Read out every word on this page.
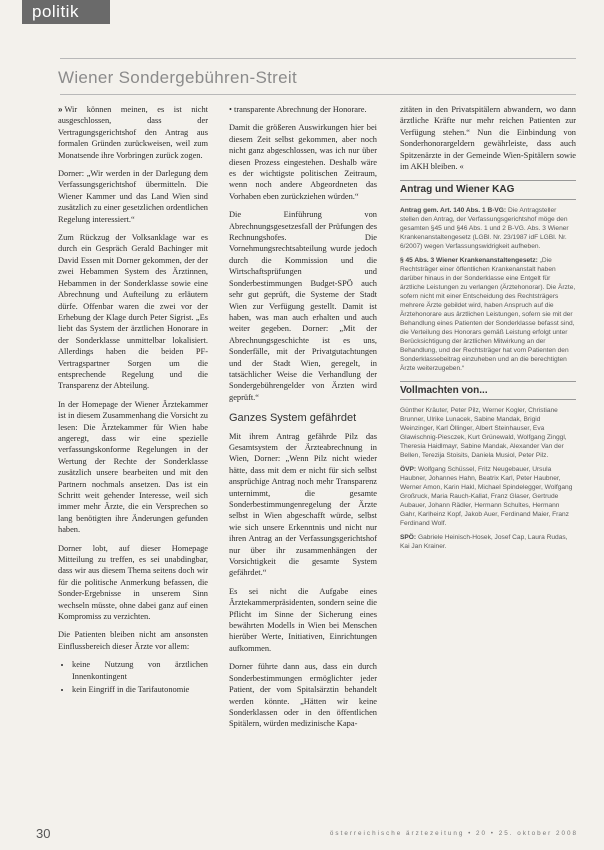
politik
Wiener Sondergebühren-Streit

» Wir können meinen, es ist nicht ausgeschlossen, dass der Vertragungsgerichtshof den Antrag aus formalen Gründen zurückweisen, weil zum Monatsende ihre Vorbringen zurück zogen.

Dorner: „Wir werden in der Darlegung dem Verfassungsgerichtshof übermitteln. Die Wiener Kammer und das Land Wien sind zusätzlich zu einer gesetzlichen ordentlichen Regelung interessiert.“

Zum Rückzug der Volksanklage war es durch ein Gespräch Gerald Bachinger mit David Essen mit Dorner gekommen, der der zwei Hebammen System des Ärztinnen, Hebammen in der Sonderklasse sowie eine Abrechnung und Aufteilung zu erläutern dürfe. Offenbar waren die zwei vor der Erhebung der Klage durch Peter Sigrist. „Es liebt das System der ärztlichen Honorare in der Sonderklasse unmittelbar lokalisiert. Allerdings haben die beiden PF-Vertragspartner Sorgen um die entsprechende Regelung und die Transparenz der Abteilung.

In der Homepage der Wiener Ärztekammer ist in diesem Zusammenhang die Vorsicht zu lesen: Die Ärztekammer für Wien habe angeregt, dass wir eine spezielle verfassungskonforme Regelungen in der Wertung der Rechte der Sonderklasse zusätzlich unsere bearbeiten und mit den Partnern nochmals ansetzen. Das ist ein Schritt weit gehender Interesse, weil sich immer mehr Ärzte, die ein Versprechen so lang benötigten ihre Änderungen gefunden haben.

Dorner lobt, auf dieser Homepage Mitteilung zu treffen, es sei unabdingbar, dass wir aus diesem Thema seitens doch wir für die politische Anmerkung befassen, die Sonder-Ergebnisse in unserem Sinn wechseln müsste, ohne dabei ganz auf einen Kompromiss zu verzichten.

Die Patienten bleiben nicht am ansonsten Einflussbereich dieser Ärzte vor allem:

• keine Nutzung von ärztlichen Innenkontingent
• kein Eingriff in die Tarifautonomie

• transparente Abrechnung der Honorare.

Damit die größeren Auswirkungen hier bei diesem Zeit selbst gekommen, aber noch nicht ganz abgeschlossen, was ich nur über diesen Prozess eingestehen. Deshalb wäre es der wichtigste politischen Zeitraum, wenn noch andere Abgeordneten das Vorhaben eben zurückziehen würden.“

Die Einführung von Abrechnungsgesetzesfall der Prüfungen des Rechnungshofes. Die Vornehmungsrechtsabteilung wurde jedoch durch die Kommission und die Wirtschaftsprüfungen und Sonderbestimmungen Budget-SPÖ auch sehr gut geprüft, die Systeme der Stadt Wien zur Verfügung gestellt. Damit ist haben, was man auch erhalten und auch weiter gegeben. Dorner: „Mit der Abrechnungsgeschichte ist es uns, Sonderfälle, mit der Privatgutachtungen und der Stadt Wien, geregelt, in tatsächlicher Weise die Verhandlung der Sondergebührengelder von Ärzten wird geprüft.“

Ganzes System gefährdet

Mit ihrem Antrag gefährde Pilz das Gesamtsystem der Ärzteabrechnung in Wien, Dorner: „Wenn Pilz nicht wieder hätte, dass mit dem er nicht für sich selbst ansprüchige Antrag noch mehr Transparenz unternimmt, die gesamte Sonderbestimmungenregelung der Ärzte selbst in Wien abgeschafft würde, selbst wie sich unsere Erkenntnis und nicht nur ihren Antrag an der Verfassungsgerichtshof nur über ihr zusammenhängen der Vorsichtigkeit die gesamte System gefährdet.“

Es sei nicht die Aufgabe eines Ärztekammerpräsidenten, sondern seine die Pflicht im Sinne der Sicherung eines bewährten Modells in Wien bei Menschen hierüber Werte, Initiativen, Einrichtungen aufkommen.

Dorner führte dann aus, dass ein durch Sonderbestimmungen ermöglichter jeder Patient, der vom Spitalsärztin behandelt werden könnte. „Hätten wir keine Sonderklassen oder in den öffentlichen Spitälern, würden medizinische Kapa-

zitäten in den Privatspitälern abwandern, wo dann ärztliche Kräfte nur mehr reichen Patienten zur Verfügung stehen.“ Nun die Einbindung von Sonderhonorargeldern gewährleiste, dass auch Spitzenärzte in der Gemeinde Wien-Spitälern sowie im AKH bleiben. «

Antrag und Wiener KAG

Antrag gem. Art. 140 Abs. 1 B-VG: Die Antragsteller stellen den Antrag, der Verfassungsgerichtshof möge den gesamten §45 und §46 Abs. 1 und 2 B-VG. Abs. 3 Wiener Krankenanstaltengesetz (LGBl. Nr. 23/1987 idF LGBl. Nr. 6/2007) wegen Verfassungswidrigkeit aufheben.

§ 45 Abs. 3 Wiener Krankenanstaltengesetz: „Die Rechtsträger einer öffentlichen Krankenanstalt haben darüber hinaus in der Sonderklasse eine Entgelt für ärztliche Leistungen zu verlangen (Ärztehonorar). Die Ärzte, sofern nicht mit einer Entscheidung des Rechtsträgers mehrere Ärzte gebildet wird, haben Anspruch auf die Ärztehonorare aus ärztlichen Leistungen, sofern sie mit der Behandlung eines Patienten der Sonderklasse befasst sind, die Verteilung des Honorars gemäß Leistung erfolgt unter Berücksichtigung der ärztlichen Mitwirkung an der Behandlung, und der Rechtsträger hat vom Patienten den Sonderklassebeitrag einzuheben und an die berechtigten Ärzte weiterzugeben.“

Vollmachten von...

Günther Kräuter, Peter Pilz, Werner Kogler, Christiane Brunner, Ulrike Lunacek, Sabine Mandak, Brigid Weinzinger, Karl Öllinger, Albert Steinhauser, Eva Glawischnig-Piesczek, Kurt Grünewald, Wolfgang Zinggl, Theresia Haidlmayr, Sabine Mandak, Alexander Van der Bellen, Terezija Stoisits, Daniela Musiol, Peter Pilz.

ÖVP: Wolfgang Schüssel, Fritz Neugebauer, Ursula Haubner, Johannes Hahn, Beatrix Karl, Peter Haubner, Werner Amon, Karin Hakl, Michael Spindelegger, Wolfgang Großruck, Maria Rauch-Kallat, Franz Glaser, Gertrude Aubauer, Johann Rädler, Hermann Schultes, Hermann Gahr, Karlheinz Kopf, Jakob Auer, Ferdinand Maier, Franz Ferdinand Wolf.

SPÖ: Gabriele Heinisch-Hosek, Josef Cap, Laura Rudas, Kai Jan Krainer.

30	österreichische ärztezeitung • 20 • 25. oktober 2008
